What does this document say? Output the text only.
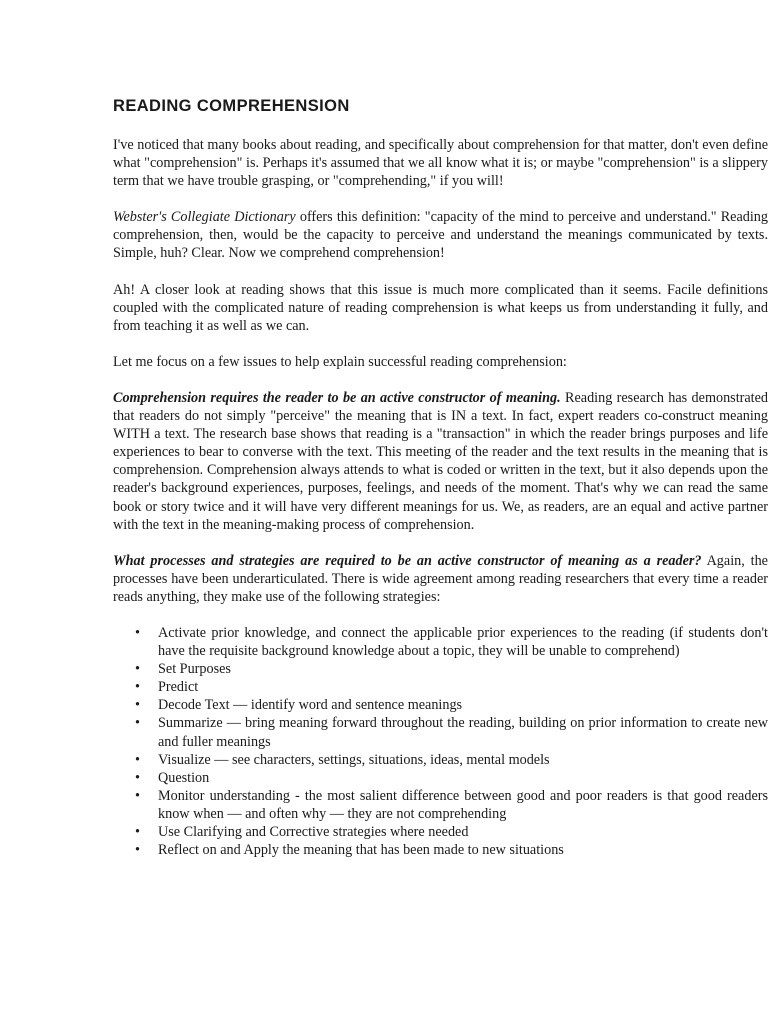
READING COMPREHENSION

I've noticed that many books about reading, and specifically about comprehension for that matter, don't even define what "comprehension" is. Perhaps it's assumed that we all know what it is; or maybe "comprehension" is a slippery term that we have trouble grasping, or "comprehending," if you will!

Webster's Collegiate Dictionary offers this definition: "capacity of the mind to perceive and understand." Reading comprehension, then, would be the capacity to perceive and understand the meanings communicated by texts. Simple, huh? Clear. Now we comprehend comprehension!

Ah! A closer look at reading shows that this issue is much more complicated than it seems. Facile definitions coupled with the complicated nature of reading comprehension is what keeps us from understanding it fully, and from teaching it as well as we can.

Let me focus on a few issues to help explain successful reading comprehension:

Comprehension requires the reader to be an active constructor of meaning. Reading research has demonstrated that readers do not simply "perceive" the meaning that is IN a text. In fact, expert readers co-construct meaning WITH a text. The research base shows that reading is a "transaction" in which the reader brings purposes and life experiences to bear to converse with the text. This meeting of the reader and the text results in the meaning that is comprehension. Comprehension always attends to what is coded or written in the text, but it also depends upon the reader's background experiences, purposes, feelings, and needs of the moment. That's why we can read the same book or story twice and it will have very different meanings for us. We, as readers, are an equal and active partner with the text in the meaning-making process of comprehension.

What processes and strategies are required to be an active constructor of meaning as a reader? Again, the processes have been underarticulated. There is wide agreement among reading researchers that every time a reader reads anything, they make use of the following strategies:

• Activate prior knowledge, and connect the applicable prior experiences to the reading (if students don't have the requisite background knowledge about a topic, they will be unable to comprehend)
• Set Purposes
• Predict
• Decode Text — identify word and sentence meanings
• Summarize — bring meaning forward throughout the reading, building on prior information to create new and fuller meanings
• Visualize — see characters, settings, situations, ideas, mental models
• Question
• Monitor understanding - the most salient difference between good and poor readers is that good readers know when — and often why — they are not comprehending
• Use Clarifying and Corrective strategies where needed
• Reflect on and Apply the meaning that has been made to new situations
